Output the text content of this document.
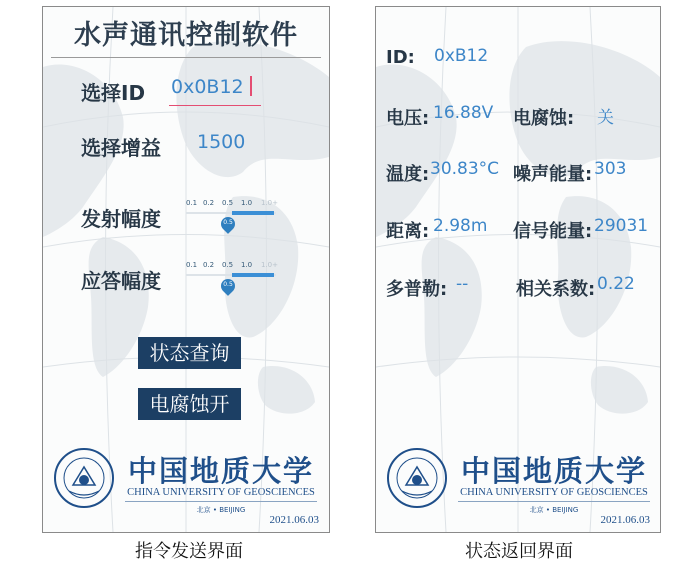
水声通讯控制软件
选择ID 0x0B12
选择增益 1500
发射幅度
0.1 0.2 0.5 1.0 1.0+
0.5
应答幅度
0.1 0.2 0.5 1.0 1.0+
0.5
状态查询
电腐蚀开
中国地质大学
CHINA UNIVERSITY OF GEOSCIENCES
北京 • BEIJING
2021.06.03
ID: 0xB12
电压: 16.88V 电腐蚀: 关
温度: 30.83°C 噪声能量: 303
距离: 2.98m 信号能量: 29031
多普勒: --	相关系数: 0.22
中国地质大学
CHINA UNIVERSITY OF GEOSCIENCES
北京 • BEIJING
2021.06.03
指令发送界面	状态返回界面
